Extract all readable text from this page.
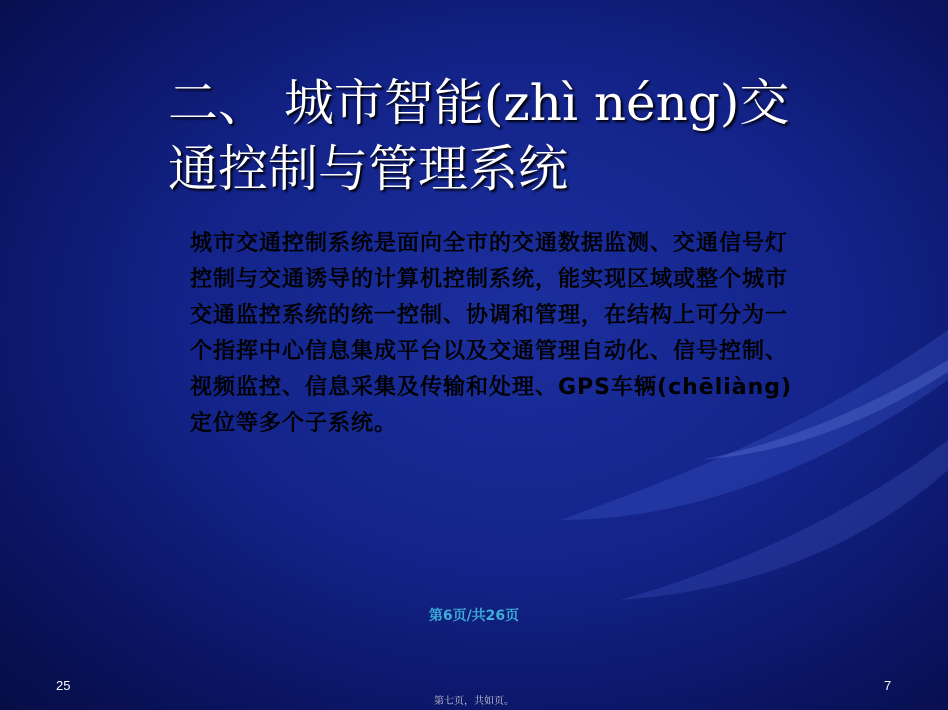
二、 城市智能(zhì néng)交通控制与管理系统

城市交通控制系统是面向全市的交通数据监测、交通信号灯控制与交通诱导的计算机控制系统，能实现区域或整个城市交通监控系统的统一控制、协调和管理，在结构上可分为一个指挥中心信息集成平台以及交通管理自动化、信号控制、视频监控、信息采集及传输和处理、GPS车辆(chēliàng)定位等多个子系统。

第6页/共26页
25	7
第七页，共如页。
